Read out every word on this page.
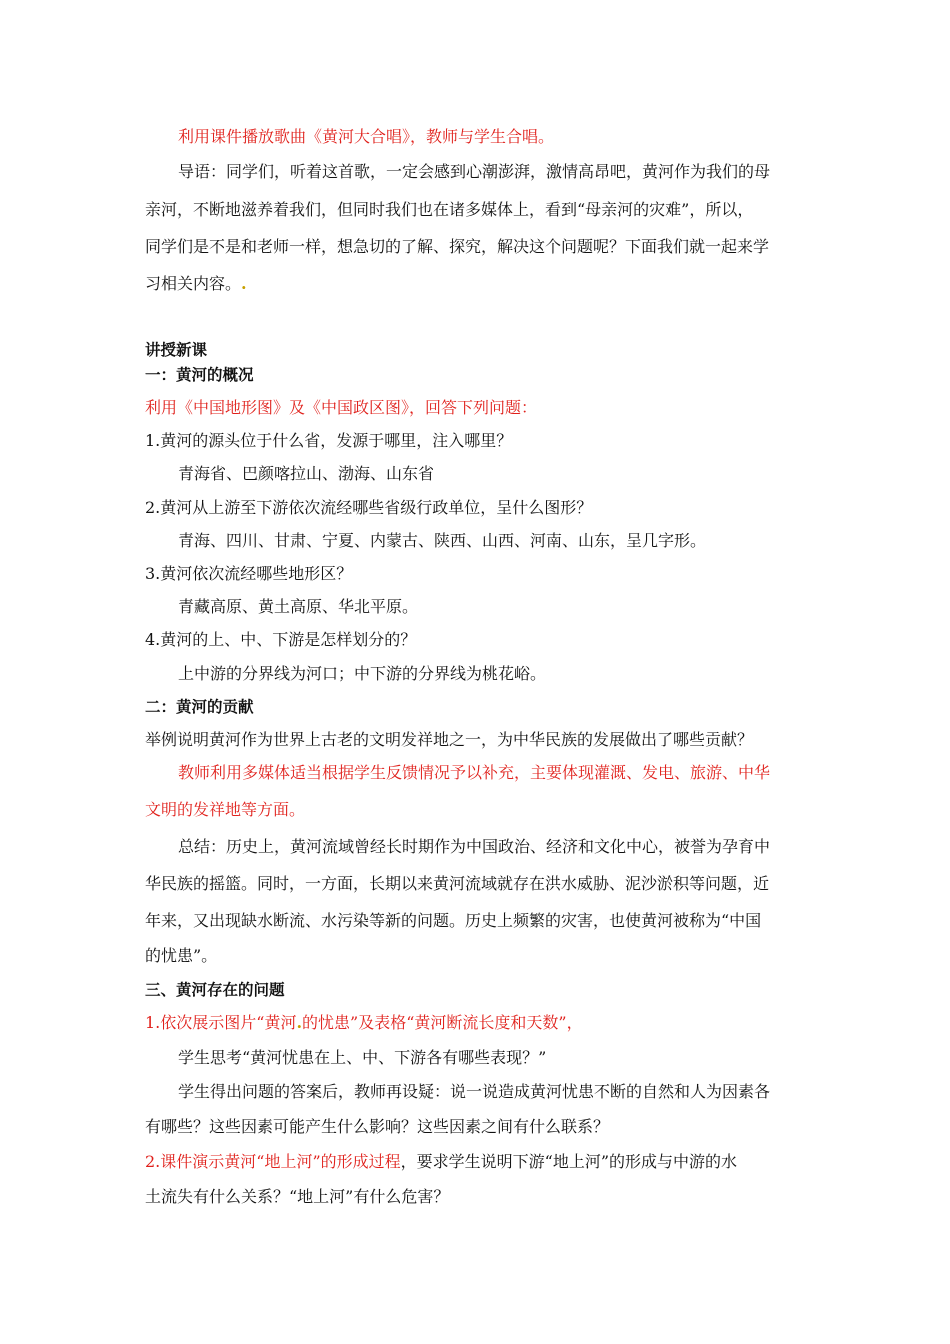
利用课件播放歌曲《黄河大合唱》，教师与学生合唱。
导语：同学们，听着这首歌，一定会感到心潮澎湃，激情高昂吧，黄河作为我们的母
亲河，不断地滋养着我们，但同时我们也在诸多媒体上，看到“母亲河的灾难”，所以，
同学们是不是和老师一样，想急切的了解、探究，解决这个问题呢？下面我们就一起来学
习相关内容。.
讲授新课
一：黄河的概况
利用《中国地形图》及《中国政区图》，回答下列问题：
1.黄河的源头位于什么省，发源于哪里，注入哪里？
青海省、巴颜喀拉山、渤海、山东省
2.黄河从上游至下游依次流经哪些省级行政单位，呈什么图形？
青海、四川、甘肃、宁夏、内蒙古、陕西、山西、河南、山东，呈几字形。
3.黄河依次流经哪些地形区？
青藏高原、黄土高原、华北平原。
4.黄河的上、中、下游是怎样划分的？
上中游的分界线为河口；中下游的分界线为桃花峪。
二：黄河的贡献
举例说明黄河作为世界上古老的文明发祥地之一，为中华民族的发展做出了哪些贡献？
教师利用多媒体适当根据学生反馈情况予以补充，主要体现灌溉、发电、旅游、中华
文明的发祥地等方面。
总结：历史上，黄河流域曾经长时期作为中国政治、经济和文化中心，被誉为孕育中
华民族的摇篮。同时，一方面，长期以来黄河流域就存在洪水威胁、泥沙淤积等问题，近
年来，又出现缺水断流、水污染等新的问题。历史上频繁的灾害，也使黄河被称为“中国
的忧患”。
三、黄河存在的问题
1.依次展示图片“黄河.的忧患”及表格“黄河断流长度和天数”，
学生思考“黄河忧患在上、中、下游各有哪些表现？”
学生得出问题的答案后，教师再设疑：说一说造成黄河忧患不断的自然和人为因素各
有哪些？这些因素可能产生什么影响？这些因素之间有什么联系？
2.课件演示黄河“地上河”的形成过程，要求学生说明下游“地上河”的形成与中游的水
土流失有什么关系？“地上河”有什么危害？
